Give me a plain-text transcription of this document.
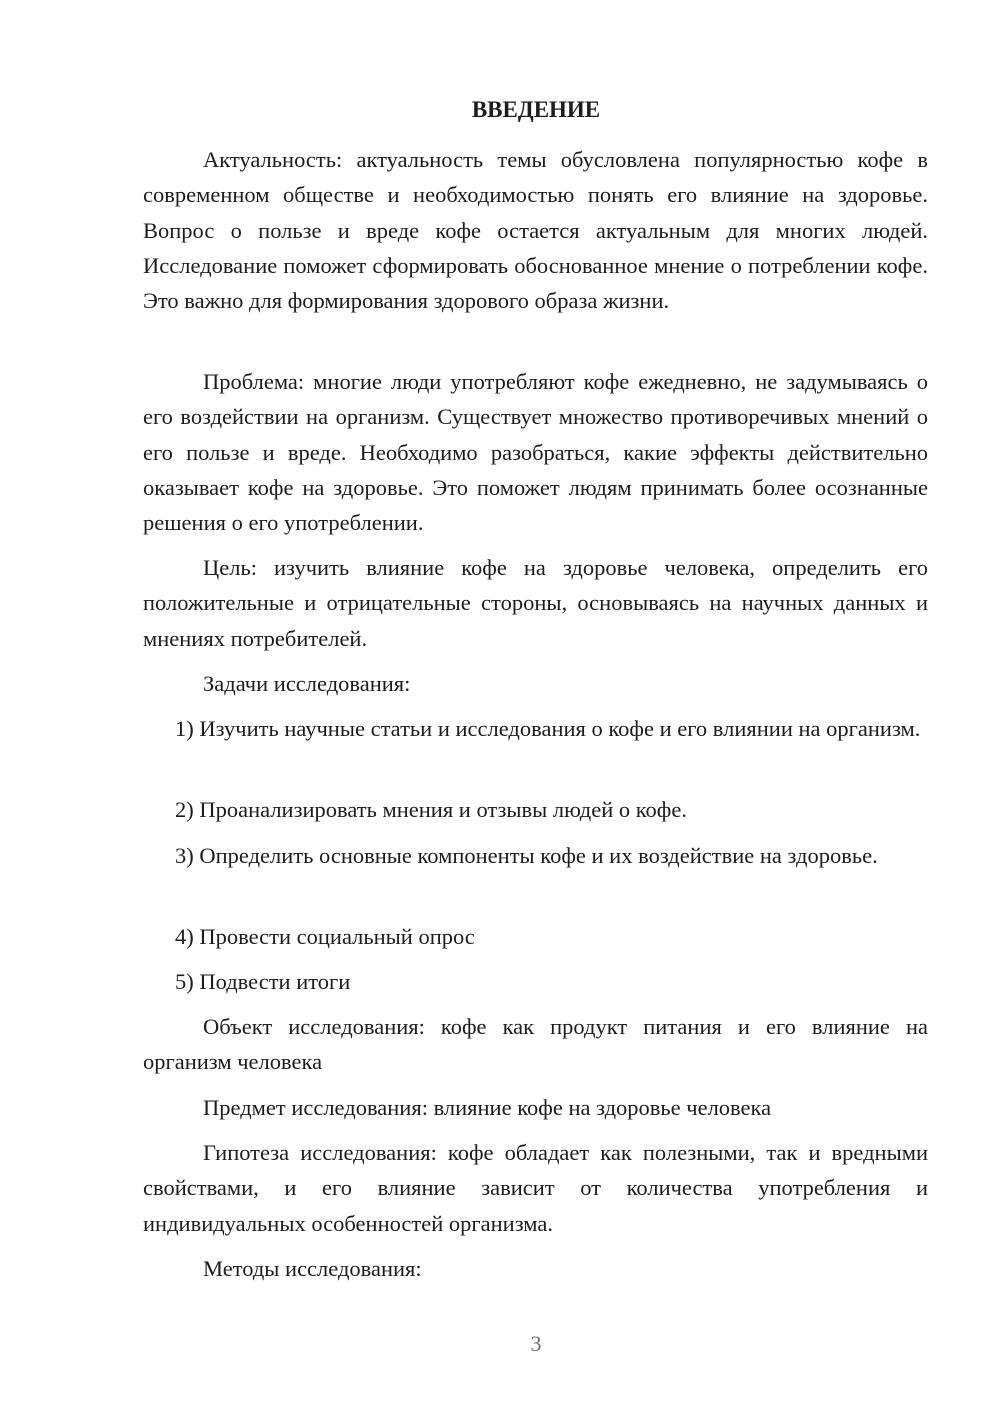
ВВЕДЕНИЕ

Актуальность: актуальность темы обусловлена популярностью кофе в современном обществе и необходимостью понять его влияние на здоровье. Вопрос о пользе и вреде кофе остается актуальным для многих людей. Исследование поможет сформировать обоснованное мнение о потреблении кофе. Это важно для формирования здорового образа жизни.

Проблема: многие люди употребляют кофе ежедневно, не задумываясь о его воздействии на организм. Существует множество противоречивых мнений о его пользе и вреде. Необходимо разобраться, какие эффекты действительно оказывает кофе на здоровье. Это поможет людям принимать более осознанные решения о его употреблении.

Цель: изучить влияние кофе на здоровье человека, определить его положительные и отрицательные стороны, основываясь на научных данных и мнениях потребителей.

Задачи исследования:

1) Изучить научные статьи и исследования о кофе и его влиянии на организм.

2) Проанализировать мнения и отзывы людей о кофе.

3) Определить основные компоненты кофе и их воздействие на здоровье.

4) Провести социальный опрос

5) Подвести итоги

Объект исследования: кофе как продукт питания и его влияние на организм человека

Предмет исследования: влияние кофе на здоровье человека

Гипотеза исследования: кофе обладает как полезными, так и вредными свойствами, и его влияние зависит от количества употребления и индивидуальных особенностей организма.

Методы исследования:

3
